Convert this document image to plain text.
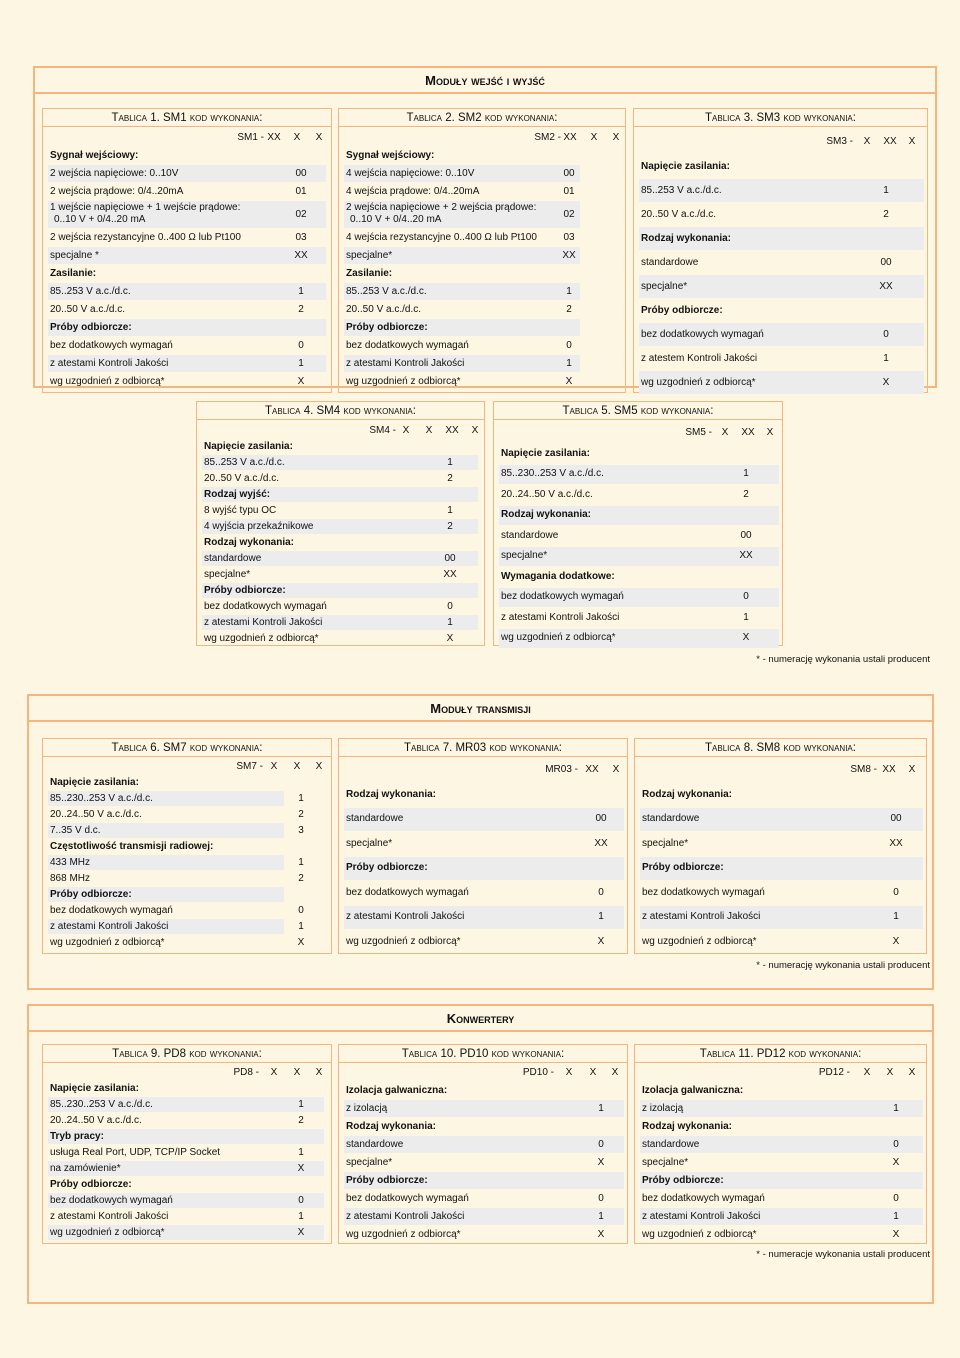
Moduły wejść i wyjść
* - numerację wykonania ustali producent
Moduły transmisji
* - numerację wykonania ustali producent
Konwertery
* - numeracje wykonania ustali producent
Tablica 1. SM1 kod wykonania:
SM1 - XX	X	X
Sygnał wejściowy:
2 wejścia napięciowe: 0..10V	00
2 wejścia prądowe: 0/4..20mA	01
1 wejście napięciowe + 1 wejście prądowe:
0..10 V + 0/4..20 mA	02
2 wejścia rezystancyjne 0..400 Ω lub Pt100	03
specjalne *	XX
Zasilanie:
85..253 V a.c./d.c.	1
20..50 V a.c./d.c.	2
Próby odbiorcze:
bez dodatkowych wymagań	0
z atestami Kontroli Jakości	1
wg uzgodnień z odbiorcą*	X
Tablica 2. SM2 kod wykonania:
SM2 - XX	X	X
Sygnał wejściowy:
4 wejścia napięciowe: 0..10V	00
4 wejścia prądowe: 0/4..20mA	01
2 wejścia napięciowe + 2 wejścia prądowe:
0..10 V + 0/4..20 mA	02
4 wejścia rezystancyjne 0..400 Ω lub Pt100	03
specjalne*	XX
Zasilanie:
85..253 V a.c./d.c.	1
20..50 V a.c./d.c.	2
Próby odbiorcze:
bez dodatkowych wymagań	0
z atestami Kontroli Jakości	1
wg uzgodnień z odbiorcą*	X
Tablica 3. SM3 kod wykonania:
SM3 -	X	XX	X
Napięcie zasilania:
85..253 V a.c./d.c.	1
20..50 V a.c./d.c.	2
Rodzaj wykonania:
standardowe	00
specjalne*	XX
Próby odbiorcze:
bez dodatkowych wymagań	0
z atestem Kontroli Jakości	1
wg uzgodnień z odbiorcą*	X
Tablica 4. SM4 kod wykonania:
SM4 - X	X	XX	X
Napięcie zasilania:
85..253 V a.c./d.c.	1
20..50 V a.c./d.c.	2
Rodzaj wyjść:
8 wyjść typu OC	1
4 wyjścia przekaźnikowe	2
Rodzaj wykonania:
standardowe	00
specjalne*	XX
Próby odbiorcze:
bez dodatkowych wymagań	0
z atestami Kontroli Jakości	1
wg uzgodnień z odbiorcą*	X
Tablica 5. SM5 kod wykonania:
SM5 - X	XX	X
Napięcie zasilania:
85..230..253 V a.c./d.c.	1
20..24..50 V a.c./d.c.	2
Rodzaj wykonania:
standardowe	00
specjalne*	XX
Wymagania dodatkowe:
bez dodatkowych wymagań	0
z atestami Kontroli Jakości	1
wg uzgodnień z odbiorcą*	X
Tablica 6. SM7 kod wykonania:
SM7 - X	X	X
Napięcie zasilania:
85..230..253 V a.c./d.c.	1
20..24..50 V a.c./d.c.	2
7..35 V d.c.	3
Częstotliwość transmisji radiowej:
433 MHz	1
868 MHz	2
Próby odbiorcze:
bez dodatkowych wymagań	0
z atestami Kontroli Jakości	1
wg uzgodnień z odbiorcą*	X
Tablica 7. MR03 kod wykonania:
MR03 - XX	X
Rodzaj wykonania:
standardowe	00
specjalne*	XX
Próby odbiorcze:
bez dodatkowych wymagań	0
z atestami Kontroli Jakości	1
wg uzgodnień z odbiorcą*	X
Tablica 8. SM8 kod wykonania:
SM8 - XX	X
Rodzaj wykonania:
standardowe	00
specjalne*	XX
Próby odbiorcze:
bez dodatkowych wymagań	0
z atestami Kontroli Jakości	1
wg uzgodnień z odbiorcą*	X
Tablica 9. PD8 kod wykonania:
PD8 -	X	X	X
Napięcie zasilania:
85..230..253 V a.c./d.c.	1
20..24..50 V a.c./d.c.	2
Tryb pracy:
usługa Real Port, UDP, TCP/IP Socket	1
na zamówienie*	X
Próby odbiorcze:
bez dodatkowych wymagań	0
z atestami Kontroli Jakości	1
wg uzgodnień z odbiorcą*	X
Tablica 10. PD10 kod wykonania:
PD10 -	X	X	X
Izolacja galwaniczna:
z izolacją	1
Rodzaj wykonania:
standardowe	0
specjalne*	X
Próby odbiorcze:
bez dodatkowych wymagań	0
z atestami Kontroli Jakości	1
wg uzgodnień z odbiorcą*	X
Tablica 11. PD12 kod wykonania:
PD12 -	X	X	X
Izolacja galwaniczna:
z izolacją	1
Rodzaj wykonania:
standardowe	0
specjalne*	X
Próby odbiorcze:
bez dodatkowych wymagań	0
z atestami Kontroli Jakości	1
wg uzgodnień z odbiorcą*	X
